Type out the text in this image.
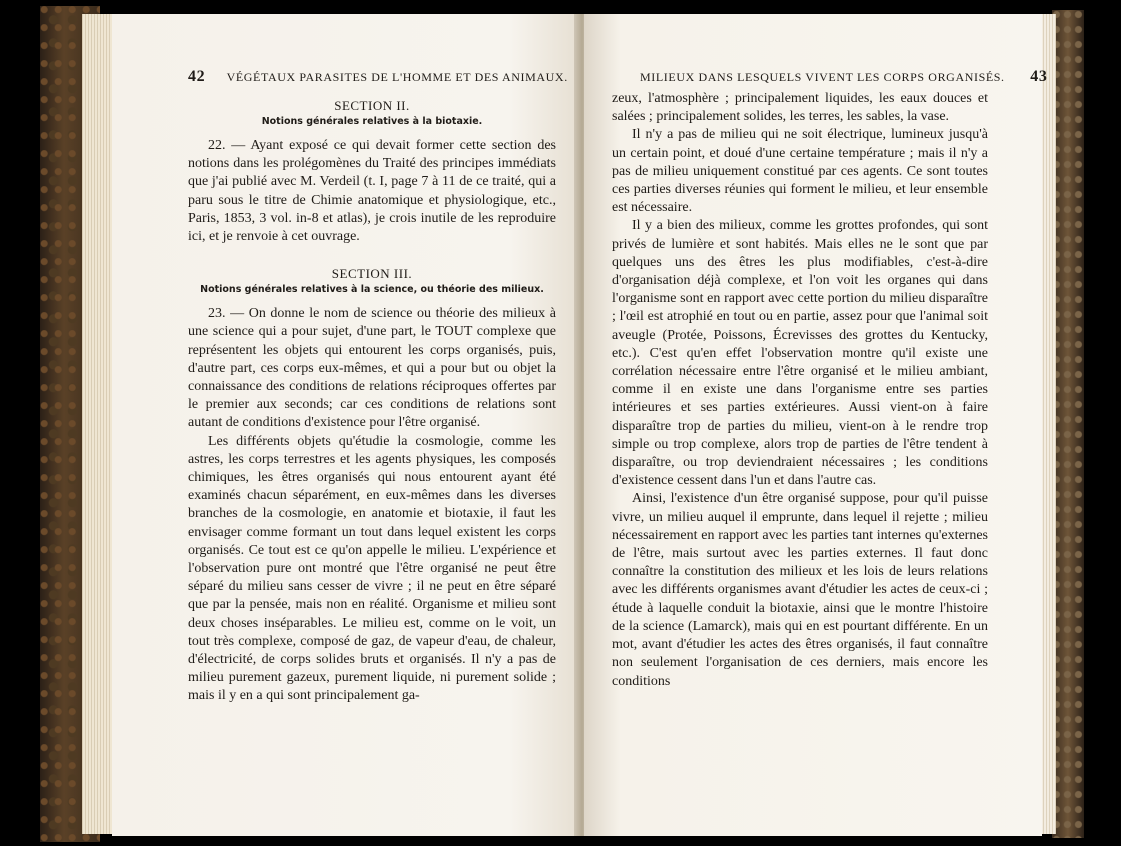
42 VÉGÉTAUX PARASITES DE L'HOMME ET DES ANIMAUX.
SECTION II.
Notions générales relatives à la biotaxie.

22. — Ayant exposé ce qui devait former cette section des notions dans les prolégomènes du Traité des principes immédiats que j'ai publié avec M. Verdeil (t. I, page 7 à 11 de ce traité, qui a paru sous le titre de Chimie anatomique et physiologique, etc., Paris, 1853, 3 vol. in-8 et atlas), je crois inutile de les reproduire ici, et je renvoie à cet ouvrage.

SECTION III.
Notions générales relatives à la science, ou théorie des milieux.

23. — On donne le nom de science ou théorie des milieux à une science qui a pour sujet, d'une part, le TOUT complexe que représentent les objets qui entourent les corps organisés, puis, d'autre part, ces corps eux-mêmes, et qui a pour but ou objet la connaissance des conditions de relations réciproques offertes par le premier aux seconds; car ces conditions de relations sont autant de conditions d'existence pour l'être organisé.

Les différents objets qu'étudie la cosmologie, comme les astres, les corps terrestres et les agents physiques, les composés chimiques, les êtres organisés qui nous entourent ayant été examinés chacun séparément, en eux-mêmes dans les diverses branches de la cosmologie, en anatomie et biotaxie, il faut les envisager comme formant un tout dans lequel existent les corps organisés. Ce tout est ce qu'on appelle le milieu. L'expérience et l'observation pure ont montré que l'être organisé ne peut être séparé du milieu sans cesser de vivre ; il ne peut en être séparé que par la pensée, mais non en réalité. Organisme et milieu sont deux choses inséparables. Le milieu est, comme on le voit, un tout très complexe, composé de gaz, de vapeur d'eau, de chaleur, d'électricité, de corps solides bruts et organisés. Il n'y a pas de milieu purement gazeux, purement liquide, ni purement solide ; mais il y en a qui sont principalement ga-

MILIEUX DANS LESQUELS VIVENT LES CORPS ORGANISÉS. 43

zeux, l'atmosphère ; principalement liquides, les eaux douces et salées ; principalement solides, les terres, les sables, la vase.

Il n'y a pas de milieu qui ne soit électrique, lumineux jusqu'à un certain point, et doué d'une certaine température ; mais il n'y a pas de milieu uniquement constitué par ces agents. Ce sont toutes ces parties diverses réunies qui forment le milieu, et leur ensemble est nécessaire.

Il y a bien des milieux, comme les grottes profondes, qui sont privés de lumière et sont habités. Mais elles ne le sont que par quelques uns des êtres les plus modifiables, c'est-à-dire d'organisation déjà complexe, et l'on voit les organes qui dans l'organisme sont en rapport avec cette portion du milieu disparaître ; l'œil est atrophié en tout ou en partie, assez pour que l'animal soit aveugle (Protée, Poissons, Écrevisses des grottes du Kentucky, etc.). C'est qu'en effet l'observation montre qu'il existe une corrélation nécessaire entre l'être organisé et le milieu ambiant, comme il en existe une dans l'organisme entre ses parties intérieures et ses parties extérieures. Aussi vient-on à faire disparaître trop de parties du milieu, vient-on à le rendre trop simple ou trop complexe, alors trop de parties de l'être tendent à disparaître, ou trop deviendraient nécessaires ; les conditions d'existence cessent dans l'un et dans l'autre cas.

Ainsi, l'existence d'un être organisé suppose, pour qu'il puisse vivre, un milieu auquel il emprunte, dans lequel il rejette ; milieu nécessairement en rapport avec les parties tant internes qu'externes de l'être, mais surtout avec les parties externes. Il faut donc connaître la constitution des milieux et les lois de leurs relations avec les différents organismes avant d'étudier les actes de ceux-ci ; étude à laquelle conduit la biotaxie, ainsi que le montre l'histoire de la science (Lamarck), mais qui en est pourtant différente. En un mot, avant d'étudier les actes des êtres organisés, il faut connaître non seulement l'organisation de ces derniers, mais encore les conditions
